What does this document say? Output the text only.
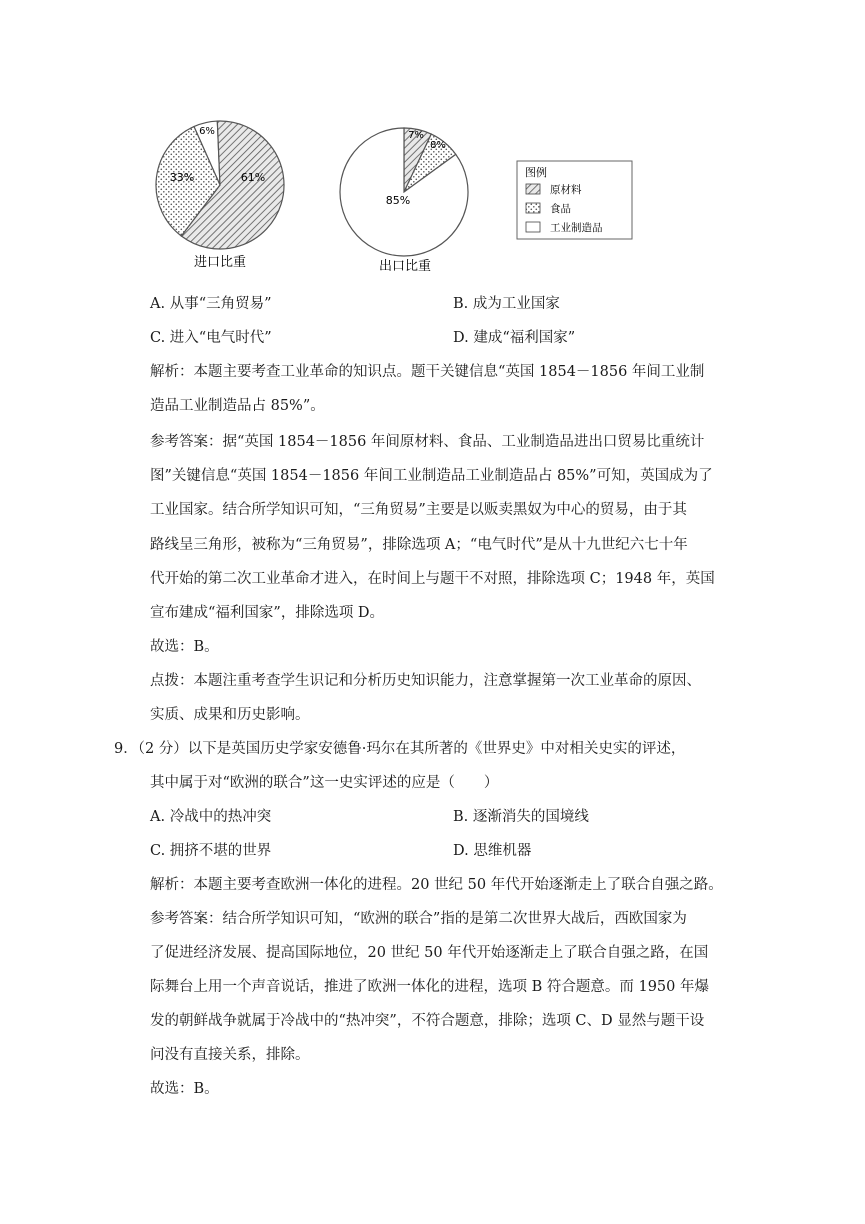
进口比重
61%
33%
6%
出口比重
85%
7%
8%
图例
原材料
食品
工业制造品
A. 从事“三角贸易”	B. 成为工业国家
C. 进入“电气时代”	D. 建成“福利国家”
解析：本题主要考查工业革命的知识点。题干关键信息“英国 1854－1856 年间工业制
造品工业制造品占 85%”。
参考答案：据“英国 1854－1856 年间原材料、食品、工业制造品进出口贸易比重统计
图”关键信息“英国 1854－1856 年间工业制造品工业制造品占 85%”可知，英国成为了
工业国家。结合所学知识可知，“三角贸易”主要是以贩卖黑奴为中心的贸易，由于其
路线呈三角形，被称为“三角贸易”，排除选项 A；“电气时代”是从十九世纪六七十年
代开始的第二次工业革命才进入，在时间上与题干不对照，排除选项 C；1948 年，英国
宣布建成“福利国家”，排除选项 D。
故选：B。
点拨：本题注重考查学生识记和分析历史知识能力，注意掌握第一次工业革命的原因、
实质、成果和历史影响。
9．（2 分）以下是英国历史学家安德鲁·玛尔在其所著的《世界史》中对相关史实的评述，
其中属于对“欧洲的联合”这一史实评述的应是（　　）
A. 冷战中的热冲突	B. 逐渐消失的国境线
C. 拥挤不堪的世界	D. 思维机器
解析：本题主要考查欧洲一体化的进程。20 世纪 50 年代开始逐渐走上了联合自强之路。
参考答案：结合所学知识可知，“欧洲的联合”指的是第二次世界大战后，西欧国家为
了促进经济发展、提高国际地位，20 世纪 50 年代开始逐渐走上了联合自强之路，在国
际舞台上用一个声音说话，推进了欧洲一体化的进程，选项 B 符合题意。而 1950 年爆
发的朝鲜战争就属于冷战中的“热冲突”，不符合题意，排除；选项 C、D 显然与题干设
问没有直接关系，排除。
故选：B。
